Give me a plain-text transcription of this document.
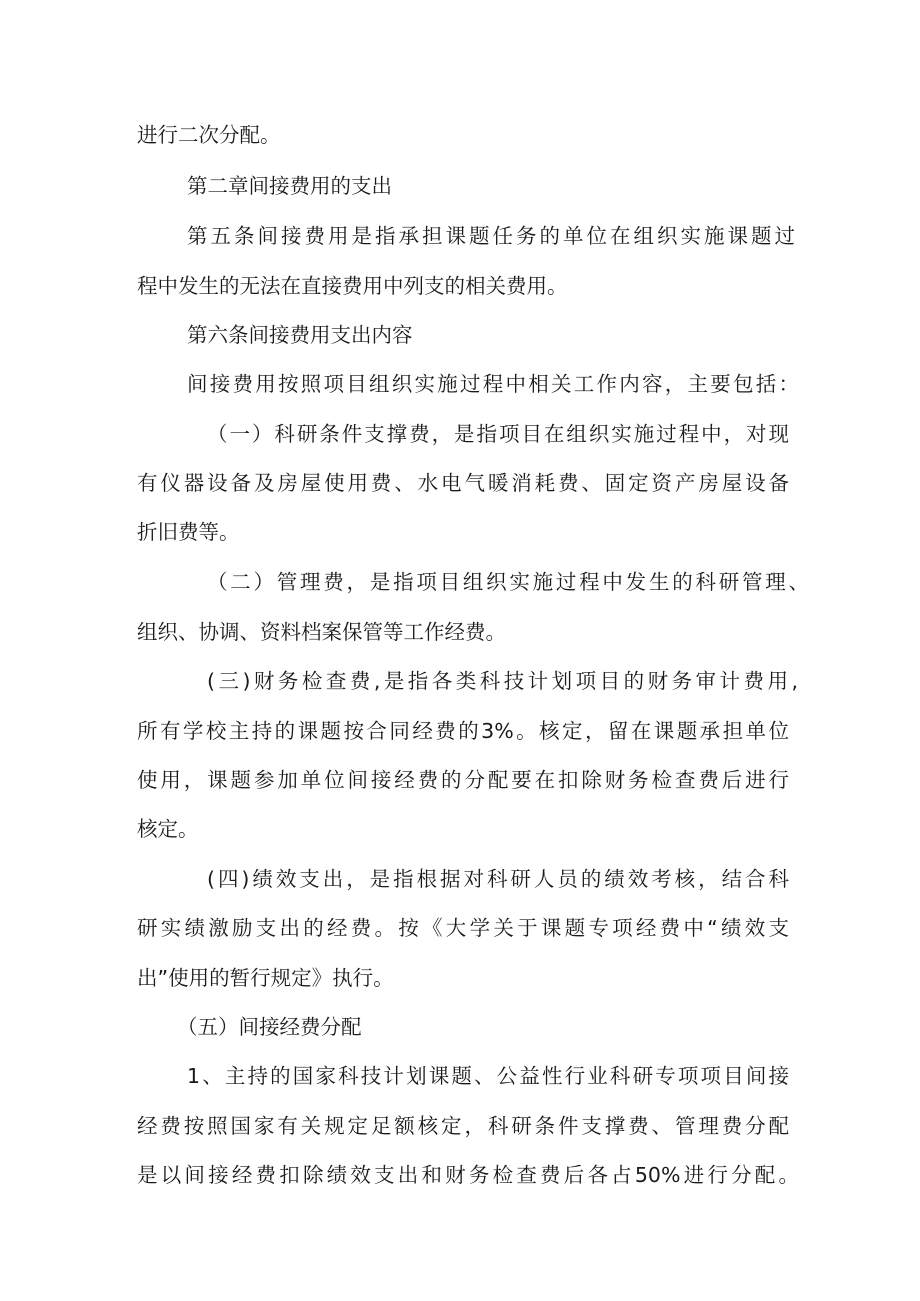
进行二次分配。
第二章间接费用的支出
第五条间接费用是指承担课题任务的单位在组织实施课题过
程中发生的无法在直接费用中列支的相关费用。
第六条间接费用支出内容
间接费用按照项目组织实施过程中相关工作内容，主要包括：
（一）科研条件支撑费，是指项目在组织实施过程中，对现
有仪器设备及房屋使用费、水电气暖消耗费、固定资产房屋设备
折旧费等。
（二）管理费，是指项目组织实施过程中发生的科研管理、
组织、协调、资料档案保管等工作经费。
(三)财务检查费,是指各类科技计划项目的财务审计费用,
所有学校主持的课题按合同经费的3%。核定，留在课题承担单位
使用，课题参加单位间接经费的分配要在扣除财务检查费后进行
核定。
(四)绩效支出，是指根据对科研人员的绩效考核，结合科
研实绩激励支出的经费。按《大学关于课题专项经费中“绩效支
出”使用的暂行规定》执行。
（五）间接经费分配
1、主持的国家科技计划课题、公益性行业科研专项项目间接
经费按照国家有关规定足额核定，科研条件支撑费、管理费分配
是以间接经费扣除绩效支出和财务检查费后各占50%进行分配。
